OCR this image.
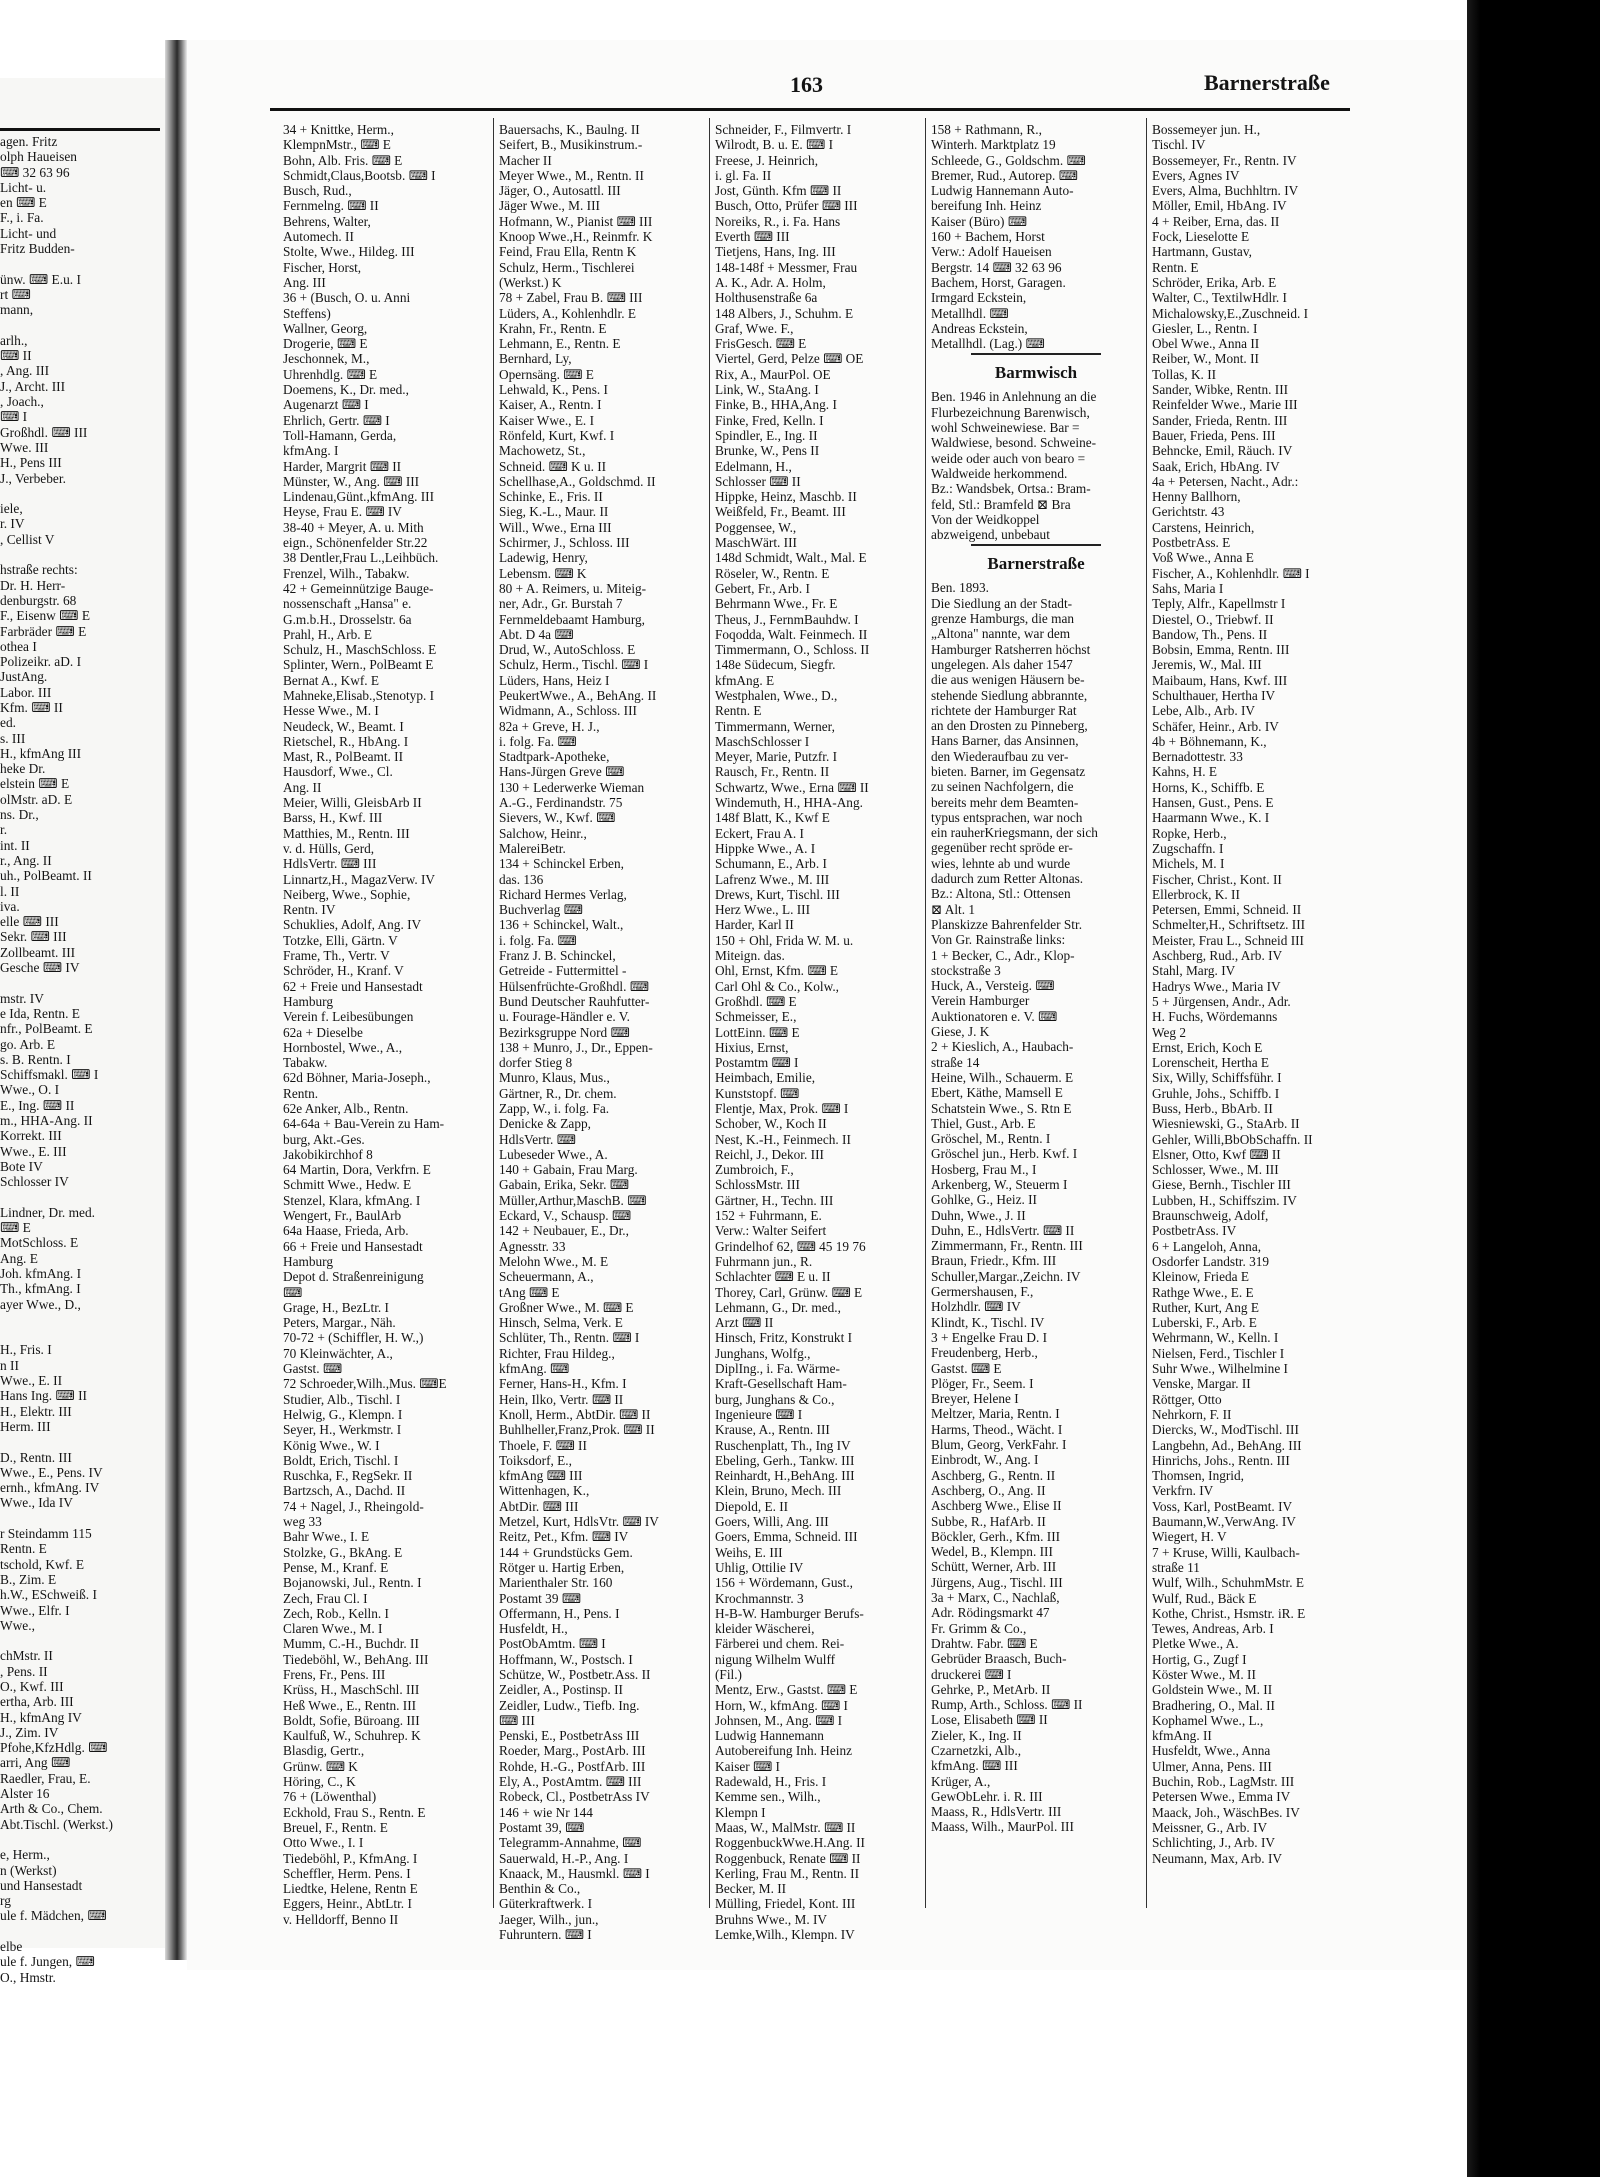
agen. Fritz
olph Haueisen
⌨ 32 63 96
Licht- u.
en ⌨ E
F., i. Fa.
Licht- und
Fritz Budden-
ünw. ⌨ E.u. I
rt ⌨
mann,
arlh.,
⌨ II
, Ang. III
J., Archt. III
, Joach.,
⌨ I
Großhdl. ⌨ III
Wwe. III
H., Pens III
J., Verbeber.
iele,
r. IV
, Cellist V
hstraße rechts:
Dr. H. Herr-
denburgstr. 68
F., Eisenw ⌨ E
Farbräder ⌨ E
othea I
Polizeikr. aD. I
JustAng.
Labor. III
Kfm. ⌨ II
ed.
s. III
H., kfmAng III
heke Dr.
elstein ⌨ E
olMstr. aD. E
ns. Dr.,
r.
int. II
r., Ang. II
uh., PolBeamt. II
l. II
iva.
elle ⌨ III
Sekr. ⌨ III
Zollbeamt. III
Gesche ⌨ IV
mstr. IV
e Ida, Rentn. E
nfr., PolBeamt. E
go. Arb. E
s. B. Rentn. I
Schiffsmakl. ⌨ I
Wwe., O. I
E., Ing. ⌨ II
m., HHA-Ang. II
Korrekt. III
Wwe., E. III
Bote IV
Schlosser IV
Lindner, Dr. med.
⌨ E
MotSchloss. E
Ang. E
Joh. kfmAng. I
Th., kfmAng. I
ayer Wwe., D.,
H., Fris. I
n II
Wwe., E. II
Hans Ing. ⌨ II
H., Elektr. III
Herm. III
D., Rentn. III
Wwe., E., Pens. IV
ernh., kfmAng. IV
Wwe., Ida IV
r Steindamm 115
Rentn. E
tschold, Kwf. E
B., Zim. E
h.W., ESchweiß. I
Wwe., Elfr. I
Wwe.,
chMstr. II
, Pens. II
O., Kwf. III
ertha, Arb. III
H., kfmAng IV
J., Zim. IV
Pfohe,KfzHdlg. ⌨
arri, Ang ⌨
Raedler, Frau, E.
Alster 16
Arth & Co., Chem.
Abt.Tischl. (Werkst.)
e, Herm.,
n (Werkst)
und Hansestadt
rg
ule f. Mädchen, ⌨
elbe
ule f. Jungen, ⌨
O., Hmstr.
163	Barnerstraße
34 + Knittke, Herm.,
KlempnMstr., ⌨ E
Bohn, Alb. Fris. ⌨ E
Schmidt,Claus,Bootsb. ⌨ I
Busch, Rud.,
Fernmelng. ⌨ II
Behrens, Walter,
Automech. II
Stolte, Wwe., Hildeg. III
Fischer, Horst,
Ang. III
36 + (Busch, O. u. Anni
Steffens)
Wallner, Georg,
Drogerie, ⌨ E
Jeschonnek, M.,
Uhrenhdlg. ⌨ E
Doemens, K., Dr. med.,
Augenarzt ⌨ I
Ehrlich, Gertr. ⌨ I
Toll-Hamann, Gerda,
kfmAng. I
Harder, Margrit ⌨ II
Münster, W., Ang. ⌨ III
Lindenau,Günt.,kfmAng. III
Heyse, Frau E. ⌨ IV
38-40 + Meyer, A. u. Mith
eign., Schönenfelder Str.22
38 Dentler,Frau L.,Leihbüch.
Frenzel, Wilh., Tabakw.
42 + Gemeinnützige Bauge-
nossenschaft „Hansa" e.
G.m.b.H., Drosselstr. 6a
Prahl, H., Arb. E
Schulz, H., MaschSchloss. E
Splinter, Wern., PolBeamt E
Bernat A., Kwf. E
Mahneke,Elisab.,Stenotyp. I
Hesse Wwe., M. I
Neudeck, W., Beamt. I
Rietschel, R., HbAng. I
Mast, R., PolBeamt. II
Hausdorf, Wwe., Cl.
Ang. II
Meier, Willi, GleisbArb II
Barss, H., Kwf. III
Matthies, M., Rentn. III
v. d. Hülls, Gerd,
HdlsVertr. ⌨ III
Linnartz,H., MagazVerw. IV
Neiberg, Wwe., Sophie,
Rentn. IV
Schuklies, Adolf, Ang. IV
Totzke, Elli, Gärtn. V
Frame, Th., Vertr. V
Schröder, H., Kranf. V
62 + Freie und Hansestadt
Hamburg
Verein f. Leibesübungen
62a + Dieselbe
Hornbostel, Wwe., A.,
Tabakw.
62d Böhner, Maria-Joseph.,
Rentn.
62e Anker, Alb., Rentn.
64-64a + Bau-Verein zu Ham-
burg, Akt.-Ges.
Jakobikirchhof 8
64 Martin, Dora, Verkfrn. E
Schmitt Wwe., Hedw. E
Stenzel, Klara, kfmAng. I
Wengert, Fr., BaulArb
64a Haase, Frieda, Arb.
66 + Freie und Hansestadt
Hamburg
Depot d. Straßenreinigung
⌨
Grage, H., BezLtr. I
Peters, Margar., Näh.
70-72 + (Schiffler, H. W.,)
70 Kleinwächter, A.,
Gastst. ⌨
72 Schroeder,Wilh.,Mus. ⌨E
Studier, Alb., Tischl. I
Helwig, G., Klempn. I
Seyer, H., Werkmstr. I
König Wwe., W. I
Boldt, Erich, Tischl. I
Ruschka, F., RegSekr. II
Bartzsch, A., Dachd. II
74 + Nagel, J., Rheingold-
weg 33
Bahr Wwe., I. E
Stolzke, G., BkAng. E
Pense, M., Kranf. E
Bojanowski, Jul., Rentn. I
Zech, Frau Cl. I
Zech, Rob., Kelln. I
Claren Wwe., M. I
Mumm, C.-H., Buchdr. II
Tiedeböhl, W., BehAng. III
Frens, Fr., Pens. III
Krüss, H., MaschSchl. III
Heß Wwe., E., Rentn. III
Boldt, Sofie, Büroang. III
Kaulfuß, W., Schuhrep. K
Blasdig, Gertr.,
Grünw. ⌨ K
Höring, C., K
76 + (Löwenthal)
Eckhold, Frau S., Rentn. E
Breuel, F., Rentn. E
Otto Wwe., I. I
Tiedeböhl, P., KfmAng. I
Scheffler, Herm. Pens. I
Liedtke, Helene, Rentn E
Eggers, Heinr., AbtLtr. I
v. Helldorff, Benno II
Bauersachs, K., Baulng. II
Seifert, B., Musikinstrum.-
Macher II
Meyer Wwe., M., Rentn. II
Jäger, O., Autosattl. III
Jäger Wwe., M. III
Hofmann, W., Pianist ⌨ III
Knoop Wwe.,H., Reinmfr. K
Feind, Frau Ella, Rentn K
Schulz, Herm., Tischlerei
(Werkst.) K
78 + Zabel, Frau B. ⌨ III
Lüders, A., Kohlenhdlr. E
Krahn, Fr., Rentn. E
Lehmann, E., Rentn. E
Bernhard, Ly,
Opernsäng. ⌨ E
Lehwald, K., Pens. I
Kaiser, A., Rentn. I
Kaiser Wwe., E. I
Rönfeld, Kurt, Kwf. I
Machowetz, St.,
Schneid. ⌨ K u. II
Schellhase,A., Goldschmd. II
Schinke, E., Fris. II
Sieg, K.-L., Maur. II
Will., Wwe., Erna III
Schirmer, J., Schloss. III
Ladewig, Henry,
Lebensm. ⌨ K
80 + A. Reimers, u. Miteig-
ner, Adr., Gr. Burstah 7
Fernmeldebaamt Hamburg,
Abt. D 4a ⌨
Drud, W., AutoSchloss. E
Schulz, Herm., Tischl. ⌨ I
Lüders, Hans, Heiz I
PeukertWwe., A., BehAng. II
Widmann, A., Schloss. III
82a + Greve, H. J.,
i. folg. Fa. ⌨
Stadtpark-Apotheke,
Hans-Jürgen Greve ⌨
130 + Lederwerke Wieman
A.-G., Ferdinandstr. 75
Sievers, W., Kwf. ⌨
Salchow, Heinr.,
MalereiBetr.
134 + Schinckel Erben,
das. 136
Richard Hermes Verlag,
Buchverlag ⌨
136 + Schinckel, Walt.,
i. folg. Fa. ⌨
Franz J. B. Schinckel,
Getreide - Futtermittel -
Hülsenfrüchte-Großhdl. ⌨
Bund Deutscher Rauhfutter-
u. Fourage-Händler e. V.
Bezirksgruppe Nord ⌨
138 + Munro, J., Dr., Eppen-
dorfer Stieg 8
Munro, Klaus, Mus.,
Gärtner, R., Dr. chem.
Zapp, W., i. folg. Fa.
Denicke & Zapp,
HdlsVertr. ⌨
Lubeseder Wwe., A.
140 + Gabain, Frau Marg.
Gabain, Erika, Sekr. ⌨
Müller,Arthur,MaschB. ⌨
Eckard, V., Schausp. ⌨
142 + Neubauer, E., Dr.,
Agnesstr. 33
Melohn Wwe., M. E
Scheuermann, A.,
tAng ⌨ E
Großner Wwe., M. ⌨ E
Hinsch, Selma, Verk. E
Schlüter, Th., Rentn. ⌨ I
Richter, Frau Hildeg.,
kfmAng. ⌨
Ferner, Hans-H., Kfm. I
Hein, Ilko, Vertr. ⌨ II
Knoll, Herm., AbtDir. ⌨ II
Buhlheller,Franz,Prok. ⌨ II
Thoele, F. ⌨ II
Toiksdorf, E.,
kfmAng ⌨ III
Wittenhagen, K.,
AbtDir. ⌨ III
Metzel, Kurt, HdlsVtr. ⌨ IV
Reitz, Pet., Kfm. ⌨ IV
144 + Grundstücks Gem.
Rötger u. Hartig Erben,
Marienthaler Str. 160
Postamt 39 ⌨
Offermann, H., Pens. I
Husfeldt, H.,
PostObAmtm. ⌨ I
Hoffmann, W., Postsch. I
Schütze, W., Postbetr.Ass. II
Zeidler, A., Postinsp. II
Zeidler, Ludw., Tiefb. Ing.
⌨ III
Penski, E., PostbetrAss III
Roeder, Marg., PostArb. III
Rohde, H.-G., PostfArb. III
Ely, A., PostAmtm. ⌨ III
Robeck, Cl., PostbetrAss IV
146 + wie Nr 144
Postamt 39, ⌨
Telegramm-Annahme, ⌨
Sauerwald, H.-P., Ang. I
Knaack, M., Hausmkl. ⌨ I
Benthin & Co.,
Güterkraftwerk. I
Jaeger, Wilh., jun.,
Fuhruntern. ⌨ I
Schneider, F., Filmvertr. I
Wilrodt, B. u. E. ⌨ I
Freese, J. Heinrich,
i. gl. Fa. II
Jost, Günth. Kfm ⌨ II
Busch, Otto, Prüfer ⌨ III
Noreiks, R., i. Fa. Hans
Everth ⌨ III
Tietjens, Hans, Ing. III
148-148f + Messmer, Frau
A. K., Adr. A. Holm,
Holthusenstraße 6a
148 Albers, J., Schuhm. E
Graf, Wwe. F.,
FrisGesch. ⌨ E
Viertel, Gerd, Pelze ⌨ OE
Rix, A., MaurPol. OE
Link, W., StaAng. I
Finke, B., HHA,Ang. I
Finke, Fred, Kelln. I
Spindler, E., Ing. II
Brunke, W., Pens II
Edelmann, H.,
Schlosser ⌨ II
Hippke, Heinz, Maschb. II
Weißfeld, Fr., Beamt. III
Poggensee, W.,
MaschWärt. III
148d Schmidt, Walt., Mal. E
Röseler, W., Rentn. E
Gebert, Fr., Arb. I
Behrmann Wwe., Fr. E
Theus, J., FernmBauhdw. I
Foqodda, Walt. Feinmech. II
Timmermann, O., Schloss. II
148e Südecum, Siegfr.
kfmAng. E
Westphalen, Wwe., D.,
Rentn. E
Timmermann, Werner,
MaschSchlosser I
Meyer, Marie, Putzfr. I
Rausch, Fr., Rentn. II
Schwartz, Wwe., Erna ⌨ II
Windemuth, H., HHA-Ang.
148f Blatt, K., Kwf E
Eckert, Frau A. I
Hippke Wwe., A. I
Schumann, E., Arb. I
Lafrenz Wwe., M. III
Drews, Kurt, Tischl. III
Herz Wwe., L. III
Harder, Karl II
150 + Ohl, Frida W. M. u.
Miteign. das.
Ohl, Ernst, Kfm. ⌨ E
Carl Ohl & Co., Kolw.,
Großhdl. ⌨ E
Schmeisser, E.,
LottEinn. ⌨ E
Hixius, Ernst,
Postamtm ⌨ I
Heimbach, Emilie,
Kunststopf. ⌨
Flentje, Max, Prok. ⌨ I
Schober, W., Koch II
Nest, K.-H., Feinmech. II
Reichl, J., Dekor. III
Zumbroich, F.,
SchlossMstr. III
Gärtner, H., Techn. III
152 + Fuhrmann, E.
Verw.: Walter Seifert
Grindelhof 62, ⌨ 45 19 76
Fuhrmann jun., R.
Schlachter ⌨ E u. II
Thorey, Carl, Grünw. ⌨ E
Lehmann, G., Dr. med.,
Arzt ⌨ II
Hinsch, Fritz, Konstrukt I
Junghans, Wolfg.,
DiplIng., i. Fa. Wärme-
Kraft-Gesellschaft Ham-
burg, Junghans & Co.,
Ingenieure ⌨ I
Krause, A., Rentn. III
Ruschenplatt, Th., Ing IV
Ebeling, Gerh., Tankw. III
Reinhardt, H.,BehAng. III
Klein, Bruno, Mech. III
Diepold, E. II
Goers, Willi, Ang. III
Goers, Emma, Schneid. III
Weihs, E. III
Uhlig, Ottilie IV
156 + Wördemann, Gust.,
Krochmannstr. 3
H-B-W. Hamburger Berufs-
kleider Wäscherei,
Färberei und chem. Rei-
nigung Wilhelm Wulff
(Fil.)
Mentz, Erw., Gastst. ⌨ E
Horn, W., kfmAng. ⌨ I
Johnsen, M., Ang. ⌨ I
Ludwig Hannemann
Autobereifung Inh. Heinz
Kaiser ⌨ I
Radewald, H., Fris. I
Kemme sen., Wilh.,
Klempn I
Maas, W., MalMstr. ⌨ II
RoggenbuckWwe.H.Ang. II
Roggenbuck, Renate ⌨ II
Kerling, Frau M., Rentn. II
Becker, M. II
Mülling, Friedel, Kont. III
Bruhns Wwe., M. IV
Lemke,Wilh., Klempn. IV
158 + Rathmann, R.,
Winterh. Marktplatz 19
Schleede, G., Goldschm. ⌨
Bremer, Rud., Autorep. ⌨
Ludwig Hannemann Auto-
bereifung Inh. Heinz
Kaiser (Büro) ⌨
160 + Bachem, Horst
Verw.: Adolf Haueisen
Bergstr. 14 ⌨ 32 63 96
Bachem, Horst, Garagen.
Irmgard Eckstein,
Metallhdl. ⌨
Andreas Eckstein,
Metallhdl. (Lag.) ⌨
Barmwisch
Ben. 1946 in Anlehnung an die
Flurbezeichnung Barenwisch,
wohl Schweinewiese. Bar =
Waldwiese, besond. Schweine-
weide oder auch von bearo =
Waldweide herkommend.
Bz.: Wandsbek, Ortsa.: Bram-
feld, Stl.: Bramfeld ⊠ Bra
Von der Weidkoppel
abzweigend, unbebaut
Barnerstraße
Ben. 1893.
Die Siedlung an der Stadt-
grenze Hamburgs, die man
„Altona" nannte, war dem
Hamburger Ratsherren höchst
ungelegen. Als daher 1547
die aus wenigen Häusern be-
stehende Siedlung abbrannte,
richtete der Hamburger Rat
an den Drosten zu Pinneberg,
Hans Barner, das Ansinnen,
den Wiederaufbau zu ver-
bieten. Barner, im Gegensatz
zu seinen Nachfolgern, die
bereits mehr dem Beamten-
typus entsprachen, war noch
ein rauherKriegsmann, der sich
gegenüber recht spröde er-
wies, lehnte ab und wurde
dadurch zum Retter Altonas.
Bz.: Altona, Stl.: Ottensen
⊠ Alt. 1
Planskizze Bahrenfelder Str.
Von Gr. Rainstraße links:
1 + Becker, C., Adr., Klop-
stockstraße 3
Huck, A., Versteig. ⌨
Verein Hamburger
Auktionatoren e. V. ⌨
Giese, J. K
2 + Kieslich, A., Haubach-
straße 14
Heine, Wilh., Schauerm. E
Ebert, Käthe, Mamsell E
Schatstein Wwe., S. Rtn E
Thiel, Gust., Arb. E
Gröschel, M., Rentn. I
Gröschel jun., Herb. Kwf. I
Hosberg, Frau M., I
Arkenberg, W., Steuerm I
Gohlke, G., Heiz. II
Duhn, Wwe., J. II
Duhn, E., HdlsVertr. ⌨ II
Zimmermann, Fr., Rentn. III
Braun, Friedr., Kfm. III
Schuller,Margar.,Zeichn. IV
Germershausen, F.,
Holzhdlr. ⌨ IV
Klindt, K., Tischl. IV
3 + Engelke Frau D. I
Freudenberg, Herb.,
Gastst. ⌨ E
Plöger, Fr., Seem. I
Breyer, Helene I
Meltzer, Maria, Rentn. I
Harms, Theod., Wächt. I
Blum, Georg, VerkFahr. I
Einbrodt, W., Ang. I
Aschberg, G., Rentn. II
Aschberg, O., Ang. II
Aschberg Wwe., Elise II
Subbe, R., HafArb. II
Böckler, Gerh., Kfm. III
Wedel, B., Klempn. III
Schütt, Werner, Arb. III
Jürgens, Aug., Tischl. III
3a + Marx, C., Nachlaß,
Adr. Rödingsmarkt 47
Fr. Grimm & Co.,
Drahtw. Fabr. ⌨ E
Gebrüder Braasch, Buch-
druckerei ⌨ I
Gehrke, P., MetArb. II
Rump, Arth., Schloss. ⌨ II
Lose, Elisabeth ⌨ II
Zieler, K., Ing. II
Czarnetzki, Alb.,
kfmAng. ⌨ III
Krüger, A.,
GewObLehr. i. R. III
Maass, R., HdlsVertr. III
Maass, Wilh., MaurPol. III
Bossemeyer jun. H.,
Tischl. IV
Bossemeyer, Fr., Rentn. IV
Evers, Agnes IV
Evers, Alma, Buchhltrn. IV
Möller, Emil, HbAng. IV
4 + Reiber, Erna, das. II
Fock, Lieselotte E
Hartmann, Gustav,
Rentn. E
Schröder, Erika, Arb. E
Walter, C., TextilwHdlr. I
Michalowsky,E.,Zuschneid. I
Giesler, L., Rentn. I
Obel Wwe., Anna II
Reiber, W., Mont. II
Tollas, K. II
Sander, Wibke, Rentn. III
Reinfelder Wwe., Marie III
Sander, Frieda, Rentn. III
Bauer, Frieda, Pens. III
Behncke, Emil, Räuch. IV
Saak, Erich, HbAng. IV
4a + Petersen, Nacht., Adr.:
Henny Ballhorn,
Gerichtstr. 43
Carstens, Heinrich,
PostbetrAss. E
Voß Wwe., Anna E
Fischer, A., Kohlenhdlr. ⌨ I
Sahs, Maria I
Teply, Alfr., Kapellmstr I
Diestel, O., Triebwf. II
Bandow, Th., Pens. II
Bobsin, Emma, Rentn. III
Jeremis, W., Mal. III
Maibaum, Hans, Kwf. III
Schulthauer, Hertha IV
Lebe, Alb., Arb. IV
Schäfer, Heinr., Arb. IV
4b + Böhnemann, K.,
Bernadottestr. 33
Kahns, H. E
Horns, K., Schiffb. E
Hansen, Gust., Pens. E
Haarmann Wwe., K. I
Ropke, Herb.,
Zugschaffn. I
Michels, M. I
Fischer, Christ., Kont. II
Ellerbrock, K. II
Petersen, Emmi, Schneid. II
Schmelter,H., Schriftsetz. III
Meister, Frau L., Schneid III
Aschberg, Rud., Arb. IV
Stahl, Marg. IV
Hadrys Wwe., Maria IV
5 + Jürgensen, Andr., Adr.
H. Fuchs, Wördemanns
Weg 2
Ernst, Erich, Koch E
Lorenscheit, Hertha E
Six, Willy, Schiffsführ. I
Gruhle, Johs., Schiffb. I
Buss, Herb., BbArb. II
Wiesniewski, G., StaArb. II
Gehler, Willi,BbObSchaffn. II
Elsner, Otto, Kwf ⌨ II
Schlosser, Wwe., M. III
Giese, Bernh., Tischler III
Lubben, H., Schiffszim. IV
Braunschweig, Adolf,
PostbetrAss. IV
6 + Langeloh, Anna,
Osdorfer Landstr. 319
Kleinow, Frieda E
Rathge Wwe., E. E
Ruther, Kurt, Ang E
Luberski, F., Arb. E
Wehrmann, W., Kelln. I
Nielsen, Ferd., Tischler I
Suhr Wwe., Wilhelmine I
Venske, Margar. II
Röttger, Otto
Nehrkorn, F. II
Diercks, W., ModTischl. III
Langbehn, Ad., BehAng. III
Hinrichs, Johs., Rentn. III
Thomsen, Ingrid,
Verkfrn. IV
Voss, Karl, PostBeamt. IV
Baumann,W.,VerwAng. IV
Wiegert, H. V
7 + Kruse, Willi, Kaulbach-
straße 11
Wulf, Wilh., SchuhmMstr. E
Wulf, Rud., Bäck E
Kothe, Christ., Hsmstr. iR. E
Tewes, Andreas, Arb. I
Pletke Wwe., A.
Hortig, G., Zugf I
Köster Wwe., M. II
Goldstein Wwe., M. II
Bradhering, O., Mal. II
Kophamel Wwe., L.,
kfmAng. II
Husfeldt, Wwe., Anna
Ulmer, Anna, Pens. III
Buchin, Rob., LagMstr. III
Petersen Wwe., Emma IV
Maack, Joh., WäschBes. IV
Meissner, G., Arb. IV
Schlichting, J., Arb. IV
Neumann, Max, Arb. IV
